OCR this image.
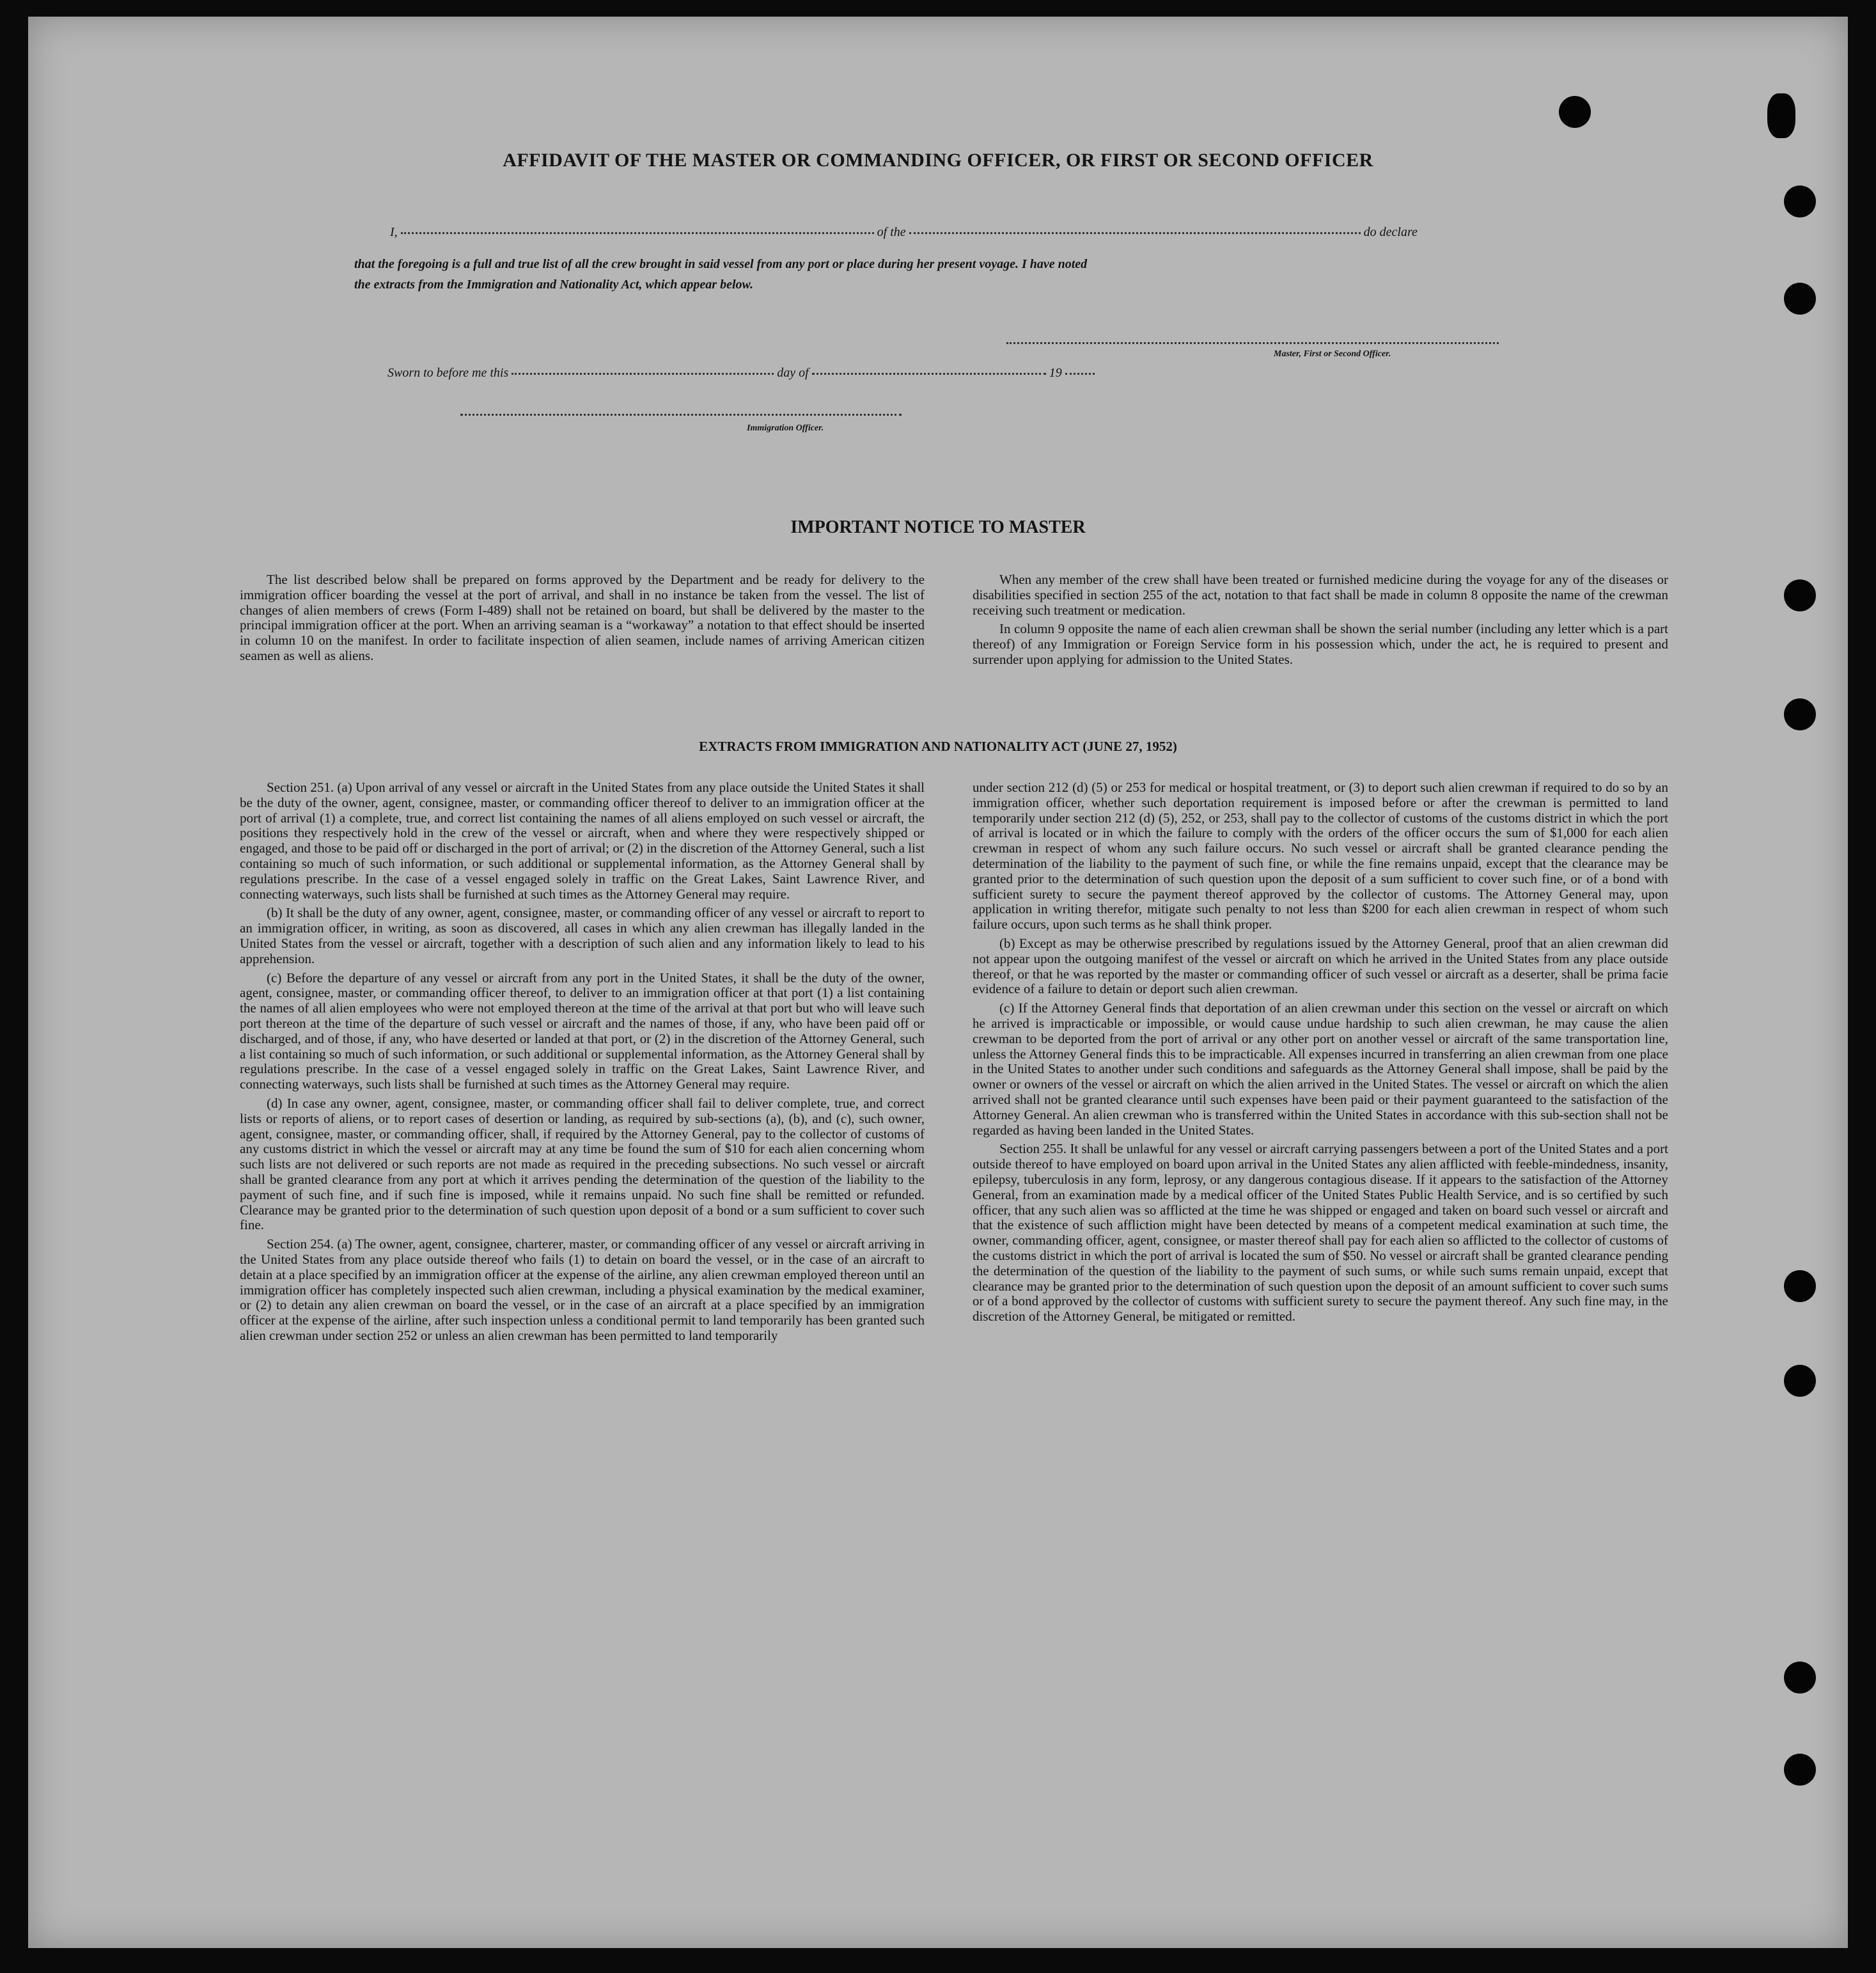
AFFIDAVIT OF THE MASTER OR COMMANDING OFFICER, OR FIRST OR SECOND OFFICER
I,	of the	do declare
that the foregoing is a full and true list of all the crew brought in said vessel from any port or place during her present voyage. I have noted
the extracts from the Immigration and Nationality Act, which appear below.
Master, First or Second Officer.
Sworn to before me this	day of	19
Immigration Officer.
IMPORTANT NOTICE TO MASTER

The list described below shall be prepared on forms approved by the Department and be ready for delivery to the immigration officer boarding the vessel at the port of arrival, and shall in no instance be taken from the vessel. The list of changes of alien members of crews (Form I-489) shall not be retained on board, but shall be delivered by the master to the principal immigration officer at the port. When an arriving seaman is a “workaway” a notation to that effect should be inserted in column 10 on the manifest. In order to facilitate inspection of alien seamen, include names of arriving American citizen seamen as well as aliens.

When any member of the crew shall have been treated or furnished medicine during the voyage for any of the diseases or disabilities specified in section 255 of the act, notation to that fact shall be made in column 8 opposite the name of the crewman receiving such treatment or medication.

In column 9 opposite the name of each alien crewman shall be shown the serial number (including any letter which is a part thereof) of any Immigration or Foreign Service form in his possession which, under the act, he is required to present and surrender upon applying for admission to the United States.

EXTRACTS FROM IMMIGRATION AND NATIONALITY ACT (JUNE 27, 1952)

Section 251. (a) Upon arrival of any vessel or aircraft in the United States from any place outside the United States it shall be the duty of the owner, agent, consignee, master, or commanding officer thereof to deliver to an immigration officer at the port of arrival (1) a complete, true, and correct list containing the names of all aliens employed on such vessel or aircraft, the positions they respectively hold in the crew of the vessel or aircraft, when and where they were respectively shipped or engaged, and those to be paid off or discharged in the port of arrival; or (2) in the discretion of the Attorney General, such a list containing so much of such information, or such additional or supplemental information, as the Attorney General shall by regulations prescribe. In the case of a vessel engaged solely in traffic on the Great Lakes, Saint Lawrence River, and connecting waterways, such lists shall be furnished at such times as the Attorney General may require.

(b) It shall be the duty of any owner, agent, consignee, master, or commanding officer of any vessel or aircraft to report to an immigration officer, in writing, as soon as discovered, all cases in which any alien crewman has illegally landed in the United States from the vessel or aircraft, together with a description of such alien and any information likely to lead to his apprehension.

(c) Before the departure of any vessel or aircraft from any port in the United States, it shall be the duty of the owner, agent, consignee, master, or commanding officer thereof, to deliver to an immigration officer at that port (1) a list containing the names of all alien employees who were not employed thereon at the time of the arrival at that port but who will leave such port thereon at the time of the departure of such vessel or aircraft and the names of those, if any, who have been paid off or discharged, and of those, if any, who have deserted or landed at that port, or (2) in the discretion of the Attorney General, such a list containing so much of such information, or such additional or supplemental information, as the Attorney General shall by regulations prescribe. In the case of a vessel engaged solely in traffic on the Great Lakes, Saint Lawrence River, and connecting waterways, such lists shall be furnished at such times as the Attorney General may require.

(d) In case any owner, agent, consignee, master, or commanding officer shall fail to deliver complete, true, and correct lists or reports of aliens, or to report cases of desertion or landing, as required by sub-sections (a), (b), and (c), such owner, agent, consignee, master, or commanding officer, shall, if required by the Attorney General, pay to the collector of customs of any customs district in which the vessel or aircraft may at any time be found the sum of $10 for each alien concerning whom such lists are not delivered or such reports are not made as required in the preceding subsections. No such vessel or aircraft shall be granted clearance from any port at which it arrives pending the determination of the question of the liability to the payment of such fine, and if such fine is imposed, while it remains unpaid. No such fine shall be remitted or refunded. Clearance may be granted prior to the determination of such question upon deposit of a bond or a sum sufficient to cover such fine.

Section 254. (a) The owner, agent, consignee, charterer, master, or commanding officer of any vessel or aircraft arriving in the United States from any place outside thereof who fails (1) to detain on board the vessel, or in the case of an aircraft to detain at a place specified by an immigration officer at the expense of the airline, any alien crewman employed thereon until an immigration officer has completely inspected such alien crewman, including a physical examination by the medical examiner, or (2) to detain any alien crewman on board the vessel, or in the case of an aircraft at a place specified by an immigration officer at the expense of the airline, after such inspection unless a conditional permit to land temporarily has been granted such alien crewman under section 252 or unless an alien crewman has been permitted to land temporarily

under section 212 (d) (5) or 253 for medical or hospital treatment, or (3) to deport such alien crewman if required to do so by an immigration officer, whether such deportation requirement is imposed before or after the crewman is permitted to land temporarily under section 212 (d) (5), 252, or 253, shall pay to the collector of customs of the customs district in which the port of arrival is located or in which the failure to comply with the orders of the officer occurs the sum of $1,000 for each alien crewman in respect of whom any such failure occurs. No such vessel or aircraft shall be granted clearance pending the determination of the liability to the payment of such fine, or while the fine remains unpaid, except that the clearance may be granted prior to the determination of such question upon the deposit of a sum sufficient to cover such fine, or of a bond with sufficient surety to secure the payment thereof approved by the collector of customs. The Attorney General may, upon application in writing therefor, mitigate such penalty to not less than $200 for each alien crewman in respect of whom such failure occurs, upon such terms as he shall think proper.

(b) Except as may be otherwise prescribed by regulations issued by the Attorney General, proof that an alien crewman did not appear upon the outgoing manifest of the vessel or aircraft on which he arrived in the United States from any place outside thereof, or that he was reported by the master or commanding officer of such vessel or aircraft as a deserter, shall be prima facie evidence of a failure to detain or deport such alien crewman.

(c) If the Attorney General finds that deportation of an alien crewman under this section on the vessel or aircraft on which he arrived is impracticable or impossible, or would cause undue hardship to such alien crewman, he may cause the alien crewman to be deported from the port of arrival or any other port on another vessel or aircraft of the same transportation line, unless the Attorney General finds this to be impracticable. All expenses incurred in transferring an alien crewman from one place in the United States to another under such conditions and safeguards as the Attorney General shall impose, shall be paid by the owner or owners of the vessel or aircraft on which the alien arrived in the United States. The vessel or aircraft on which the alien arrived shall not be granted clearance until such expenses have been paid or their payment guaranteed to the satisfaction of the Attorney General. An alien crewman who is transferred within the United States in accordance with this sub-section shall not be regarded as having been landed in the United States.

Section 255. It shall be unlawful for any vessel or aircraft carrying passengers between a port of the United States and a port outside thereof to have employed on board upon arrival in the United States any alien afflicted with feeble-mindedness, insanity, epilepsy, tuberculosis in any form, leprosy, or any dangerous contagious disease. If it appears to the satisfaction of the Attorney General, from an examination made by a medical officer of the United States Public Health Service, and is so certified by such officer, that any such alien was so afflicted at the time he was shipped or engaged and taken on board such vessel or aircraft and that the existence of such affliction might have been detected by means of a competent medical examination at such time, the owner, commanding officer, agent, consignee, or master thereof shall pay for each alien so afflicted to the collector of customs of the customs district in which the port of arrival is located the sum of $50. No vessel or aircraft shall be granted clearance pending the determination of the question of the liability to the payment of such sums, or while such sums remain unpaid, except that clearance may be granted prior to the determination of such question upon the deposit of an amount sufficient to cover such sums or of a bond approved by the collector of customs with sufficient surety to secure the payment thereof. Any such fine may, in the discretion of the Attorney General, be mitigated or remitted.
